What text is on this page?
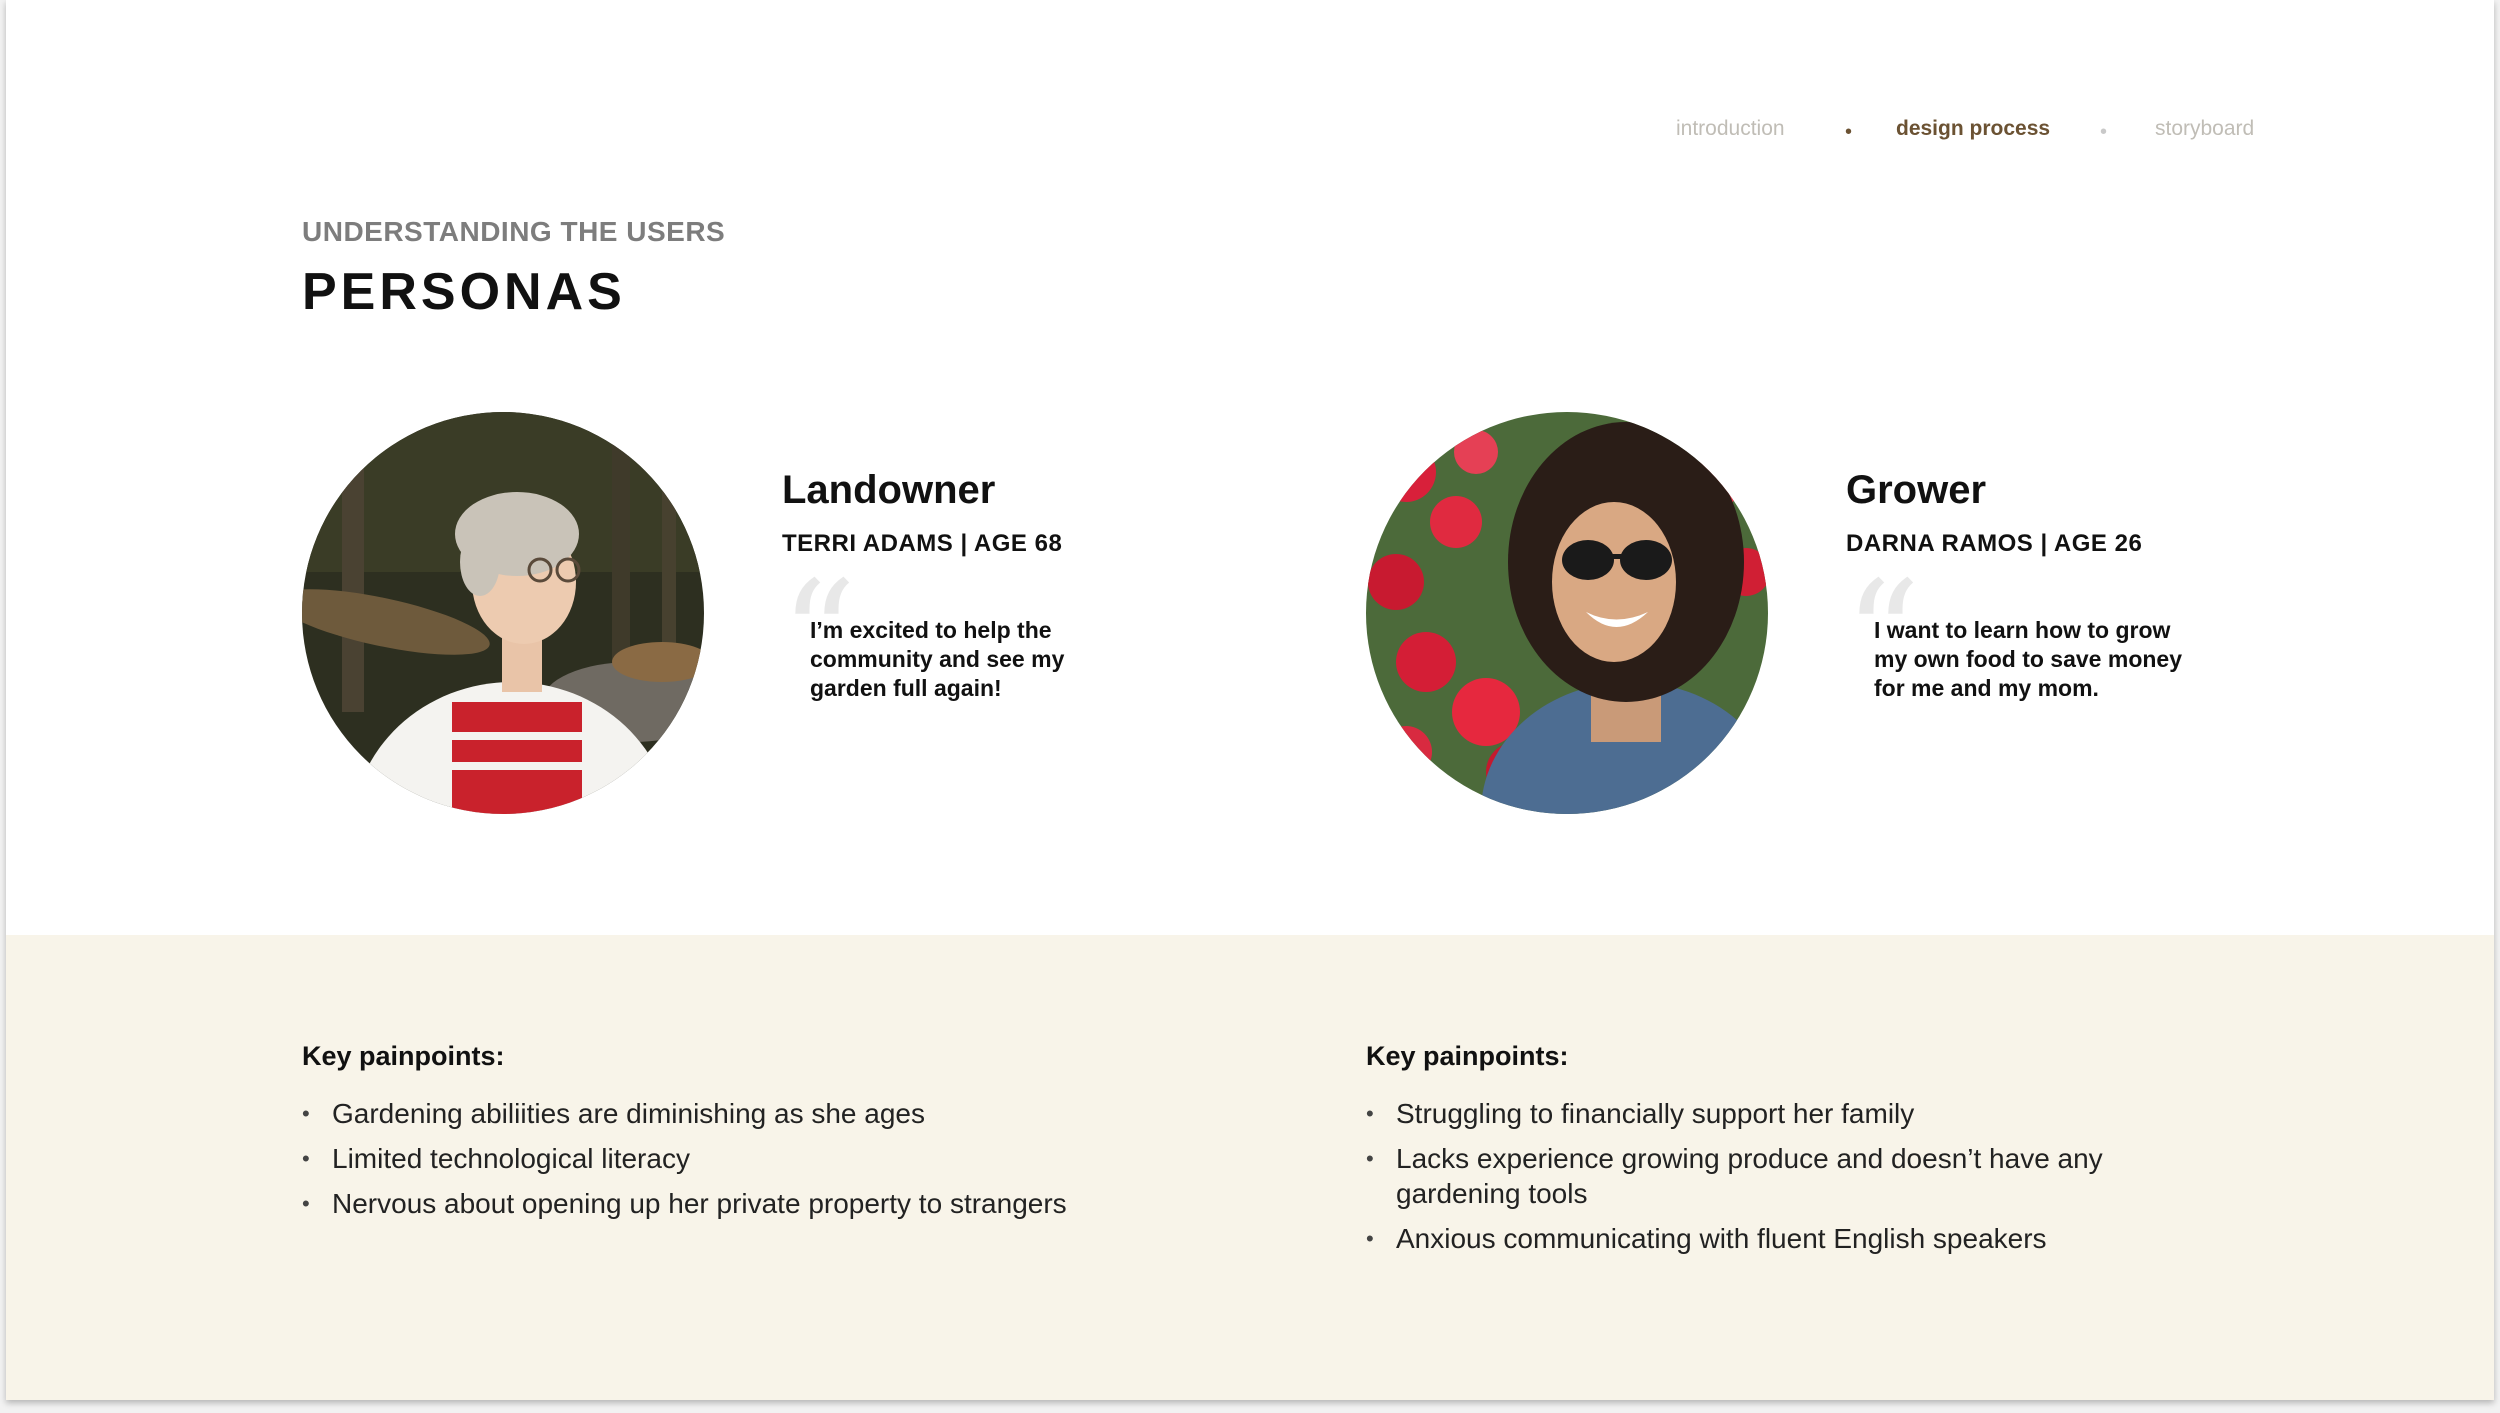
introduction	• design process • storyboard
UNDERSTANDING THE USERS
PERSONAS
Landowner
TERRI ADAMS | AGE 68
“
I’m excited to help the community and see my garden full again!
Grower
DARNA RAMOS | AGE 26
“
I want to learn how to grow my own food to save money for me and my mom.
Key painpoints:
• Gardening abiliities are diminishing as she ages
• Limited technological literacy
• Nervous about opening up her private property to strangers
Key painpoints:
• Struggling to financially support her family
• Lacks experience growing produce and doesn’t have any gardening tools
• Anxious communicating with fluent English speakers
